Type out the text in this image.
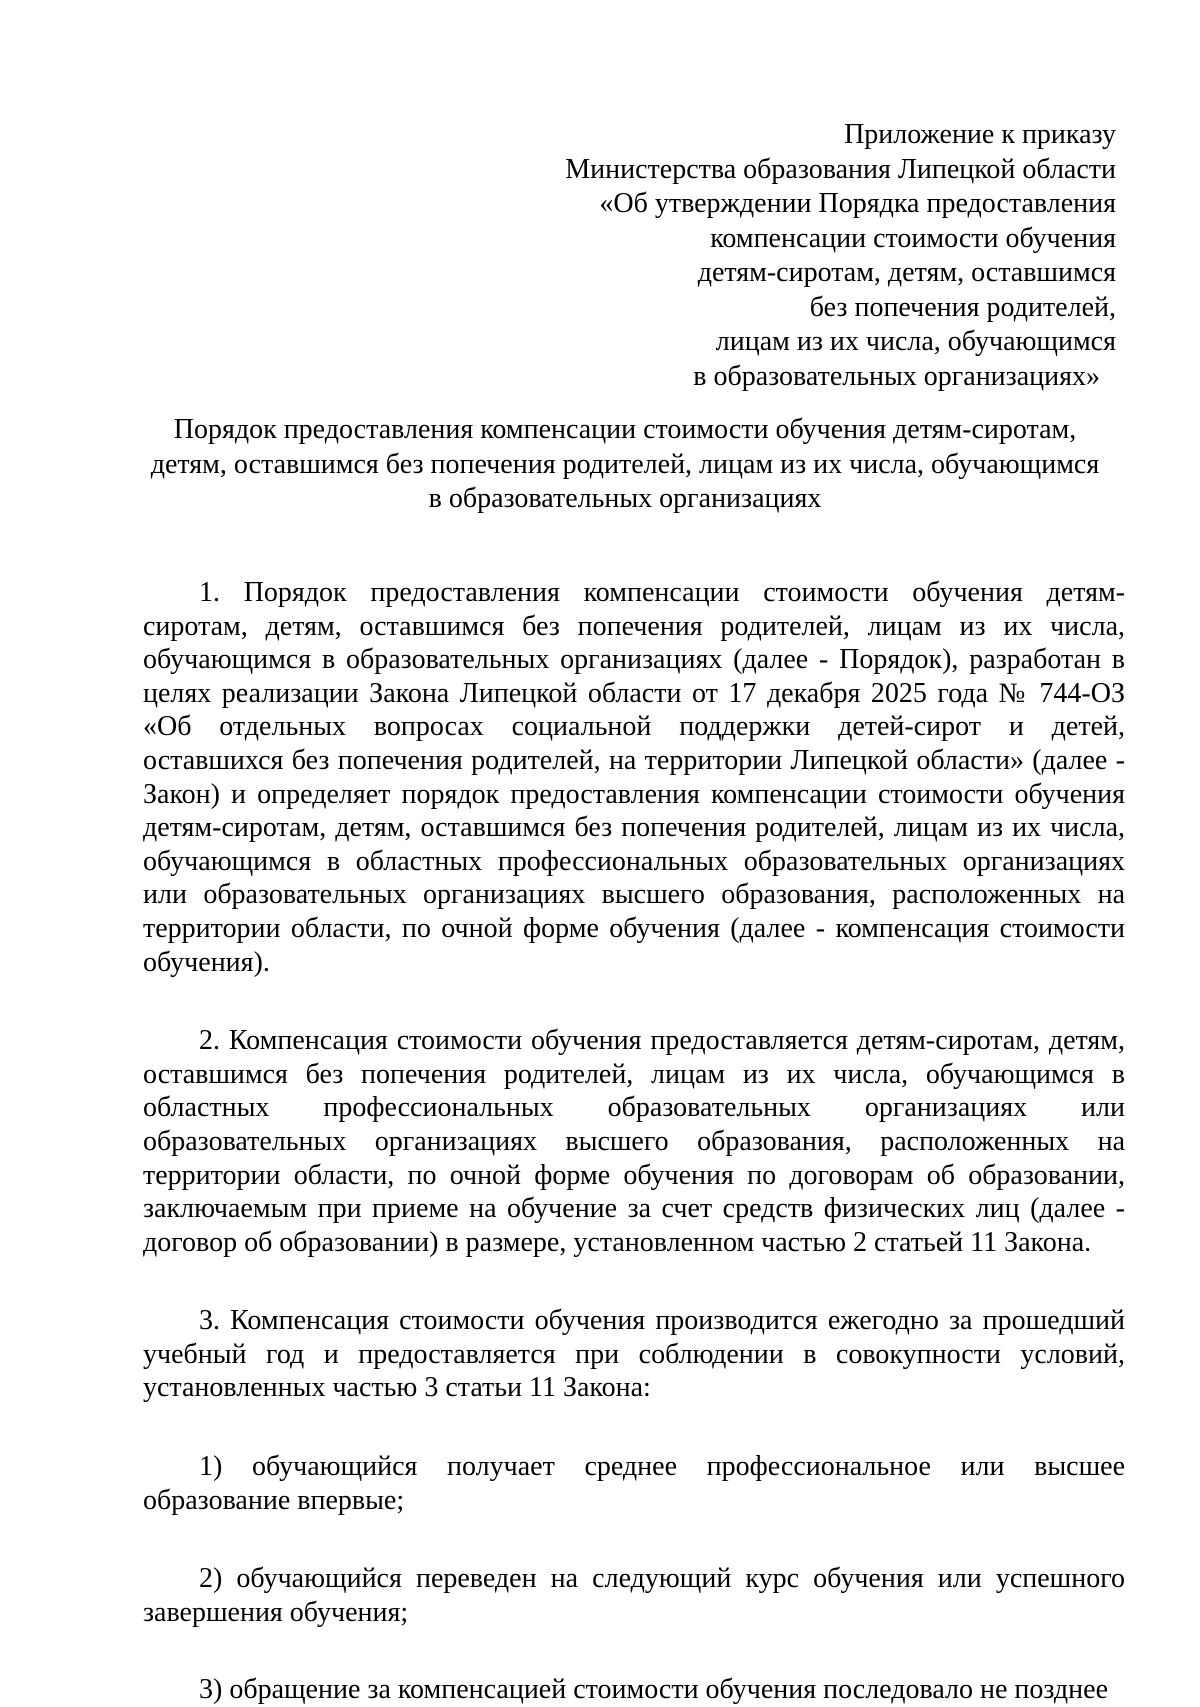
Приложение к приказу
Министерства образования Липецкой области
«Об утверждении Порядка предоставления
компенсации стоимости обучения
детям-сиротам, детям, оставшимся
без попечения родителей,
лицам из их числа, обучающимся
в образовательных организациях»
Порядок предоставления компенсации стоимости обучения детям-сиротам,
детям, оставшимся без попечения родителей, лицам из их числа, обучающимся
в образовательных организациях

1. Порядок предоставления компенсации стоимости обучения детям-сиротам, детям, оставшимся без попечения родителей, лицам из их числа, обучающимся в образовательных организациях (далее - Порядок), разработан в целях реализации Закона Липецкой области от 17 декабря 2025 года № 744-ОЗ «Об отдельных вопросах социальной поддержки детей-сирот и детей, оставшихся без попечения родителей, на территории Липецкой области» (далее - Закон) и определяет порядок предоставления компенсации стоимости обучения детям-сиротам, детям, оставшимся без попечения родителей, лицам из их числа, обучающимся в областных профессиональных образовательных организациях или образовательных организациях высшего образования, расположенных на территории области, по очной форме обучения (далее - компенсация стоимости обучения).

2. Компенсация стоимости обучения предоставляется детям-сиротам, детям, оставшимся без попечения родителей, лицам из их числа, обучающимся в областных профессиональных образовательных организациях или образовательных организациях высшего образования, расположенных на территории области, по очной форме обучения по договорам об образовании, заключаемым при приеме на обучение за счет средств физических лиц (далее - договор об образовании) в размере, установленном частью 2 статьей 11 Закона.

3. Компенсация стоимости обучения производится ежегодно за прошедший учебный год и предоставляется при соблюдении в совокупности условий, установленных частью 3 статьи 11 Закона:

1) обучающийся получает среднее профессиональное или высшее образование впервые;

2) обучающийся переведен на следующий курс обучения или успешного завершения обучения;

3) обращение за компенсацией стоимости обучения последовало не позднее
